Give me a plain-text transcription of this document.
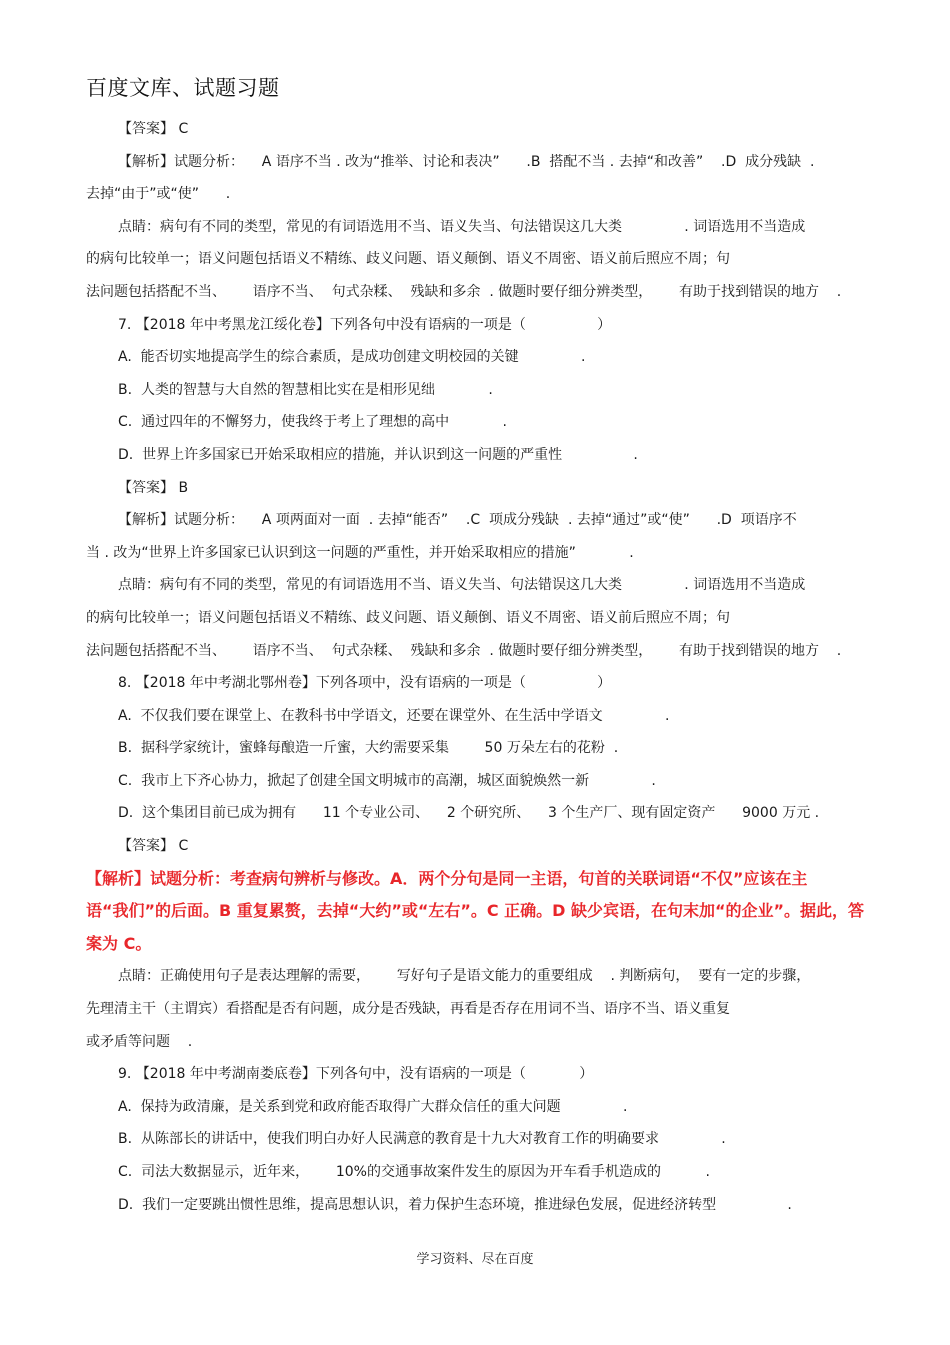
百度文库、试题习题
【答案】 C
【解析】试题分析：    A 语序不当 . 改为“推举、讨论和表决”      .B  搭配不当 . 去掉“和改善”    .D  成分残缺  .
去掉“由于”或“使”      .
点睛：病句有不同的类型，常见的有词语选用不当、语义失当、句法错误这几大类              . 词语选用不当造成
的病句比较单一；语义问题包括语义不精练、歧义问题、语义颠倒、语义不周密、语义前后照应不周；句
法问题包括搭配不当、      语序不当、  句式杂糅、  残缺和多余  . 做题时要仔细分辨类型，      有助于找到错误的地方    .
7. 【2018 年中考黑龙江绥化卷】下列各句中没有语病的一项是（                ）
A.  能否切实地提高学生的综合素质，是成功创建文明校园的关键              .
B.  人类的智慧与大自然的智慧相比实在是相形见绌            .
C.  通过四年的不懈努力，使我终于考上了理想的高中            .
D.  世界上许多国家已开始采取相应的措施，并认识到这一问题的严重性                .
【答案】 B
【解析】试题分析：    A 项两面对一面  . 去掉“能否”    .C  项成分残缺  . 去掉“通过”或“使”      .D  项语序不
当 . 改为“世界上许多国家已认识到这一问题的严重性，并开始采取相应的措施”            .
点睛：病句有不同的类型，常见的有词语选用不当、语义失当、句法错误这几大类              . 词语选用不当造成
的病句比较单一；语义问题包括语义不精练、歧义问题、语义颠倒、语义不周密、语义前后照应不周；句
法问题包括搭配不当、      语序不当、  句式杂糅、  残缺和多余  . 做题时要仔细分辨类型，      有助于找到错误的地方    .
8. 【2018 年中考湖北鄂州卷】下列各项中，没有语病的一项是（                ）
A.  不仅我们要在课堂上、在教科书中学语文，还要在课堂外、在生活中学语文              .
B.  据科学家统计，蜜蜂每酿造一斤蜜，大约需要采集        50 万朵左右的花粉  .
C.  我市上下齐心协力，掀起了创建全国文明城市的高潮，城区面貌焕然一新              .
D.  这个集团目前已成为拥有      11 个专业公司、    2 个研究所、    3 个生产厂、现有固定资产      9000 万元 .
【答案】 C
【解析】试题分析：考查病句辨析与修改。A．两个分句是同一主语，句首的关联词语“不仅”应该在主
语“我们”的后面。B 重复累赘，去掉“大约”或“左右”。C 正确。D 缺少宾语，在句末加“的企业”。据此，答
案为 C。
点睛：正确使用句子是表达理解的需要，      写好句子是语文能力的重要组成    . 判断病句，  要有一定的步骤，
先理清主干（主谓宾）看搭配是否有问题，成分是否残缺，再看是否存在用词不当、语序不当、语义重复
或矛盾等问题    .
9. 【2018 年中考湖南娄底卷】下列各句中，没有语病的一项是（            ）
A.  保持为政清廉，是关系到党和政府能否取得广大群众信任的重大问题              .
B.  从陈部长的讲话中，使我们明白办好人民满意的教育是十九大对教育工作的明确要求              .
C.  司法大数据显示，近年来，      10%的交通事故案件发生的原因为开车看手机造成的          .
D.  我们一定要跳出惯性思维，提高思想认识，着力保护生态环境，推进绿色发展，促进经济转型                .
学习资料、尽在百度
